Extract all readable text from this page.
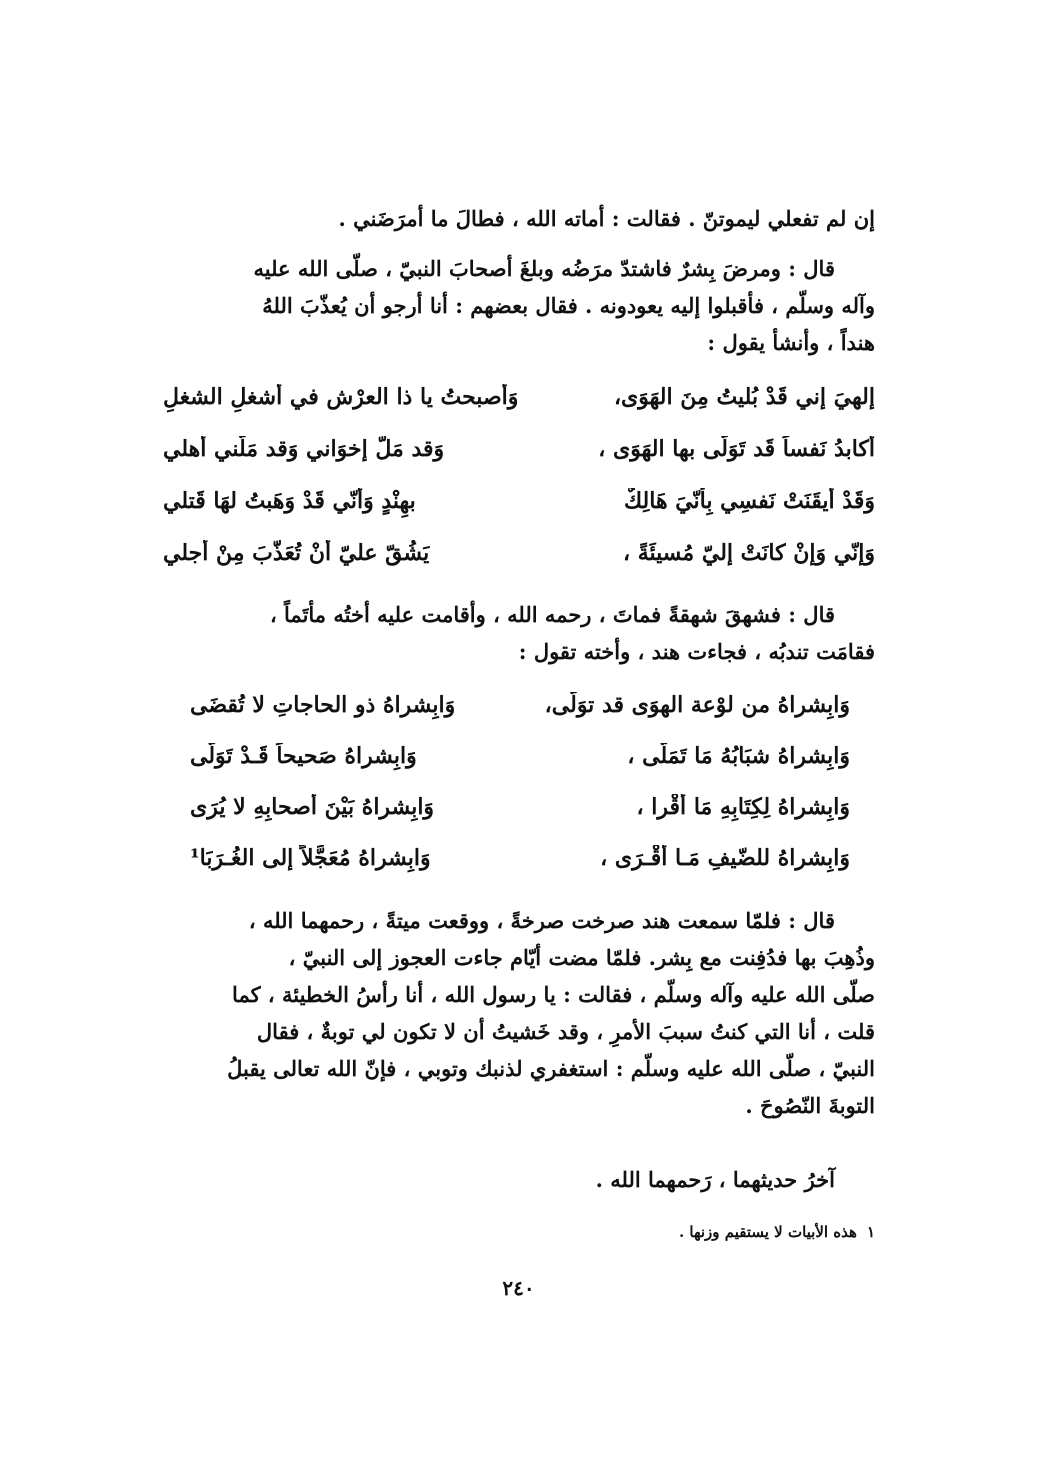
إن لم تفعلي ليموتنّ . فقالت : أماته الله ، فطالَ ما أمرَضَني .
قال : ومرضَ بِشرٌ فاشتدّ مرَضُه وبلغَ أصحابَ النبيّ ، صلّى الله عليه
وآله وسلّم ، فأقبلوا إليه يعودونه . فقال بعضهم : أنا أرجو أن يُعذّبَ اللهُ
هنداً ، وأنشأ يقول :
إلهيَ إني قَدْ بُليتُ مِنَ الهَوَى،
وَأصبحتُ يا ذا العرْش في أشغلِ الشغلِ
أُكابدُ نَفساً قَد تَوَلّى بها الهَوَى ،
وَقد مَلّ إخوَاني وَقد مَلّني أهلي
وَقَدْ أيقَنَتْ نَفسِي بِأنّيَ هَالِكٌ
بهِنْدٍ وَأنّي قَدْ وَهَبتُ لهَا قَتلي
وَإنّي وَإنْ كانَتْ إليّ مُسيئَةً ،
يَشُقّ عليّ أنْ تُعَذَّبَ مِنْ أجلي
قال : فشهقَ شهقةً فماتَ ، رحمه الله ، وأقامت عليه أختُه مأتَماً ،
فقامَت تندبُه ، فجاءت هند ، وأخته تقول :
وَابِشراهُ من لوْعة الهوَى قد توَلّى،
وَابِشراهُ ذو الحاجاتِ لا تُقضَى
وَابِشراهُ شبَابُهُ مَا تَمَلّى ،
وَابِشراهُ صَحيحاً قَـدْ تَوَلّى
وَابِشراهُ لِكِتَابِهِ مَا أقْرا ،
وَابِشراهُ بَيْنَ أصحابِهِ لا يُرَى
وَابِشراهُ للضّيفِ مَـا أقْـرَى ،
وَابِشراهُ مُعَجَّلاً إلى الغُـرَبَا¹
قال : فلمّا سمعت هند صرخت صرخةً ، ووقعت ميتةً ، رحمهما الله ،
وذُهِبَ بها فدُفِنت مع بِشر. فلمّا مضت أيّام جاءت العجوز إلى النبيّ ،
صلّى الله عليه وآله وسلّم ، فقالت : يا رسول الله ، أنا رأسُ الخطيئة ، كما
قلت ، أنا التي كنتُ سببَ الأمرِ ، وقد خَشيتُ أن لا تكون لي توبةٌ ، فقال
النبيّ ، صلّى الله عليه وسلّم : استغفري لذنبك وتوبي ، فإنّ الله تعالى يقبلُ
التوبةَ النّصُوحَ .
آخرُ حديثهما ، رَحمهما الله .
١هذه الأبيات لا يستقيم وزنها .
٢٤٠
